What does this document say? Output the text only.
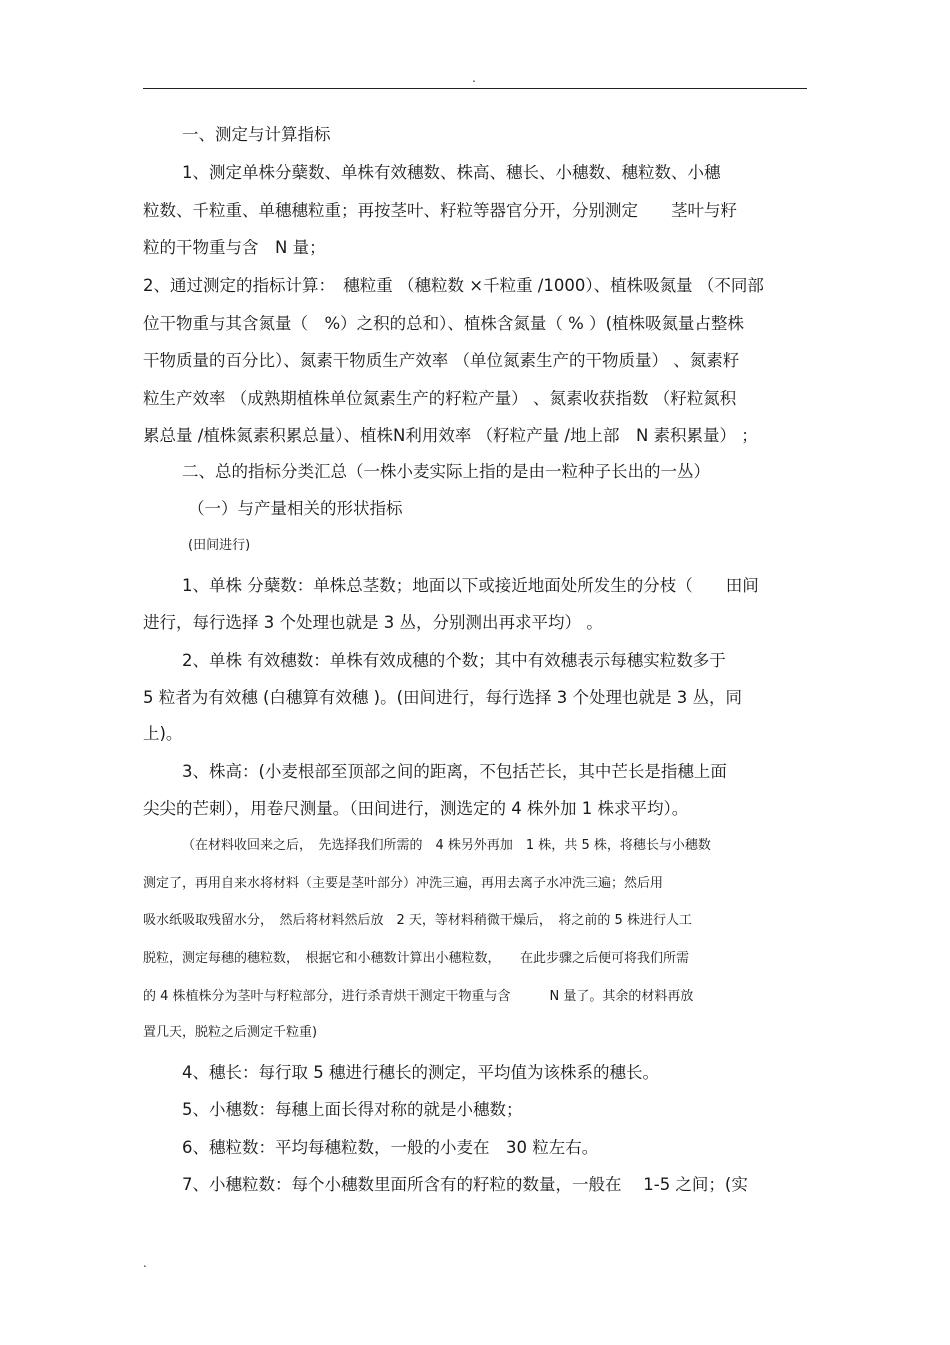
.
一、测定与计算指标
1、测定单株分蘖数、单株有效穗数、株高、穗长、小穗数、穗粒数、小穗
粒数、千粒重、单穗穗粒重；再按茎叶、籽粒等器官分开，分别测定　　茎叶与籽
粒的干物重与含　N 量；
2、通过测定的指标计算：　穗粒重 （穗粒数 ×千粒重 /1000）、植株吸氮量 （不同部
位干物重与其含氮量（　%）之积的总和）、植株含氮量（ % ）(植株吸氮量占整株
干物质量的百分比）、氮素干物质生产效率 （单位氮素生产的干物质量） 、氮素籽
粒生产效率 （成熟期植株单位氮素生产的籽粒产量） 、氮素收获指数 （籽粒氮积
累总量 /植株氮素积累总量）、植株N利用效率 （籽粒产量 /地上部　N 素积累量） ；
二、总的指标分类汇总（一株小麦实际上指的是由一粒种子长出的一丛）
（一）与产量相关的形状指标
(田间进行)
1、单株 分蘖数：单株总茎数；地面以下或接近地面处所发生的分枝（　　田间
进行，每行选择 3 个处理也就是 3 丛，分别测出再求平均） 。
2、单株 有效穗数：单株有效成穗的个数；其中有效穗表示每穗实粒数多于
5 粒者为有效穗 (白穗算有效穗 )。(田间进行，每行选择 3 个处理也就是 3 丛，同
上)。
3、株高：(小麦根部至顶部之间的距离，不包括芒长，其中芒长是指穗上面
尖尖的芒刺），用卷尺测量。（田间进行，测选定的 4 株外加 1 株求平均）。
（在材料收回来之后，　先选择我们所需的　4 株另外再加　1 株，共 5 株，将穗长与小穗数
测定了，再用自来水将材料（主要是茎叶部分）冲洗三遍，再用去离子水冲洗三遍；然后用
吸水纸吸取残留水分，　然后将材料然后放　2 天，等材料稍微干燥后，　将之前的 5 株进行人工
脱粒，测定每穗的穗粒数，　根据它和小穗数计算出小穗粒数，　　在此步骤之后便可将我们所需
的 4 株植株分为茎叶与籽粒部分，进行杀青烘干测定干物重与含　　　N 量了。其余的材料再放
置几天，脱粒之后测定千粒重)
4、穗长：每行取 5 穗进行穗长的测定，平均值为该株系的穗长。
5、小穗数：每穗上面长得对称的就是小穗数；
6、穗粒数：平均每穗粒数，一般的小麦在　30 粒左右。
7、小穗粒数：每个小穗数里面所含有的籽粒的数量，一般在　 1-5 之间；(实
.
